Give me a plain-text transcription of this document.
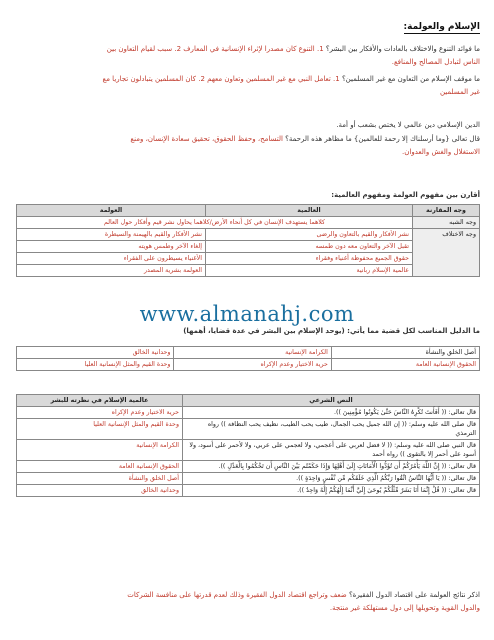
الإسلام والعولمة:
ما فوائد التنوع والاختلاف بالعادات والأفكار بين البشر؟ 1. التنوع كان مصدرا لإثراء الإنسانية في المعارف 2. سبب لقيام التعاون بين
الناس لتبادل المصالح والمنافع.
ما موقف الإسلام من التعاون مع غير المسلمين؟ 1. تعامل النبي مع غير المسلمين وتعاون معهم 2. كان المسلمين يتبادلون تجاريا مع
غير المسلمين
الدين الإسلامي دين عالمي لا يختص بشعب أو أمة.
قال تعالى {وما أرسلناك إلا رحمة للعالمين} ما مظاهر هذه الرحمة؟ التسامح، وحفظ الحقوق، تحقيق سعادة الإنسان، ومنع
الاستغلال والغش والعدوان.
أقارن بين مفهوم العولمة ومفهوم العالمية:
وجه المقارنة	العالمية	العولمة
وجه الشبه	كلاهما يستهدف الإنسان في كل أنحاء الأرض/كلاهما يحاول نشر قيم وأفكار حول العالم	
وجه الاختلاف	نشر الأفكار والقيم بالتعاون والرضى	نشر الأفكار والقيم بالهيمنة والسيطرة
	تقبل الآخر والتعاون معه دون طمسه	إلغاء الآخر وطمس هويته
	حقوق الجميع محفوظة أغنياء وفقراء	الأغنياء يسيطرون على الفقراء
	عالمية الإسلام ربانية	العولمة بشرية المصدر
www.almanahj.com
ما الدليل المناسب لكل قضية مما يأتي: (يوحد الإسلام بين البشر في عدة قضايا، أهمها)
أصل الخلق والنشأة	الكرامة الإنسانية	وحدانية الخالق
الحقوق الإنسانية العامة	حرية الاختيار وعدم الإكراه	وحدة القيم والمثل الإنسانية العليا
النص الشرعي	عالمية الإسلام في نظرته للبشر
قال تعالى: (( أَفَأَنتَ تُكْرِهُ النَّاسَ حَتَّىٰ يَكُونُوا مُؤْمِنِينَ )).	حرية الاختيار وعدم الإكراه
قال صلى الله عليه وسلم: (( إن الله جميل يحب الجمال، طيب يحب الطيب، نظيف يحب النظافة )) رواه الترمذي	وحدة القيم والمثل الإنسانية العليا
قال النبي صلى الله عليه وسلم: (( لا فضل لعربي على أعجمي، ولا لعجمي على عربي، ولا لأحمر على أسود، ولا أسود على أحمر إلا بالتقوى )) رواه أحمد	الكرامة الإنسانية
قال تعالى: (( إِنَّ اللَّهَ يَأْمُرُكُمْ أَن تُؤَدُّوا الْأَمَانَاتِ إِلَىٰ أَهْلِهَا وَإِذَا حَكَمْتُم بَيْنَ النَّاسِ أَن تَحْكُمُوا بِالْعَدْلِ )).	الحقوق الإنسانية العامة
قال تعالى: (( يَا أَيُّهَا النَّاسُ اتَّقُوا رَبَّكُمُ الَّذِي خَلَقَكُم مِّن نَّفْسٍ وَاحِدَةٍ )).	أصل الخلق والنشأة
قال تعالى: (( قُلْ إِنَّمَا أَنَا بَشَرٌ مِّثْلُكُمْ يُوحَىٰ إِلَيَّ أَنَّمَا إِلَٰهُكُمْ إِلَٰهٌ وَاحِدٌ )).	وحدانية الخالق
اذكر نتائج العولمة على اقتصاد الدول الفقيرة؟ ضعف وتراجع اقتصاد الدول الفقيرة وذلك لعدم قدرتها على منافسة الشركات
والدول القوية وتحويلها إلى دول مستهلكة غير منتجة.
